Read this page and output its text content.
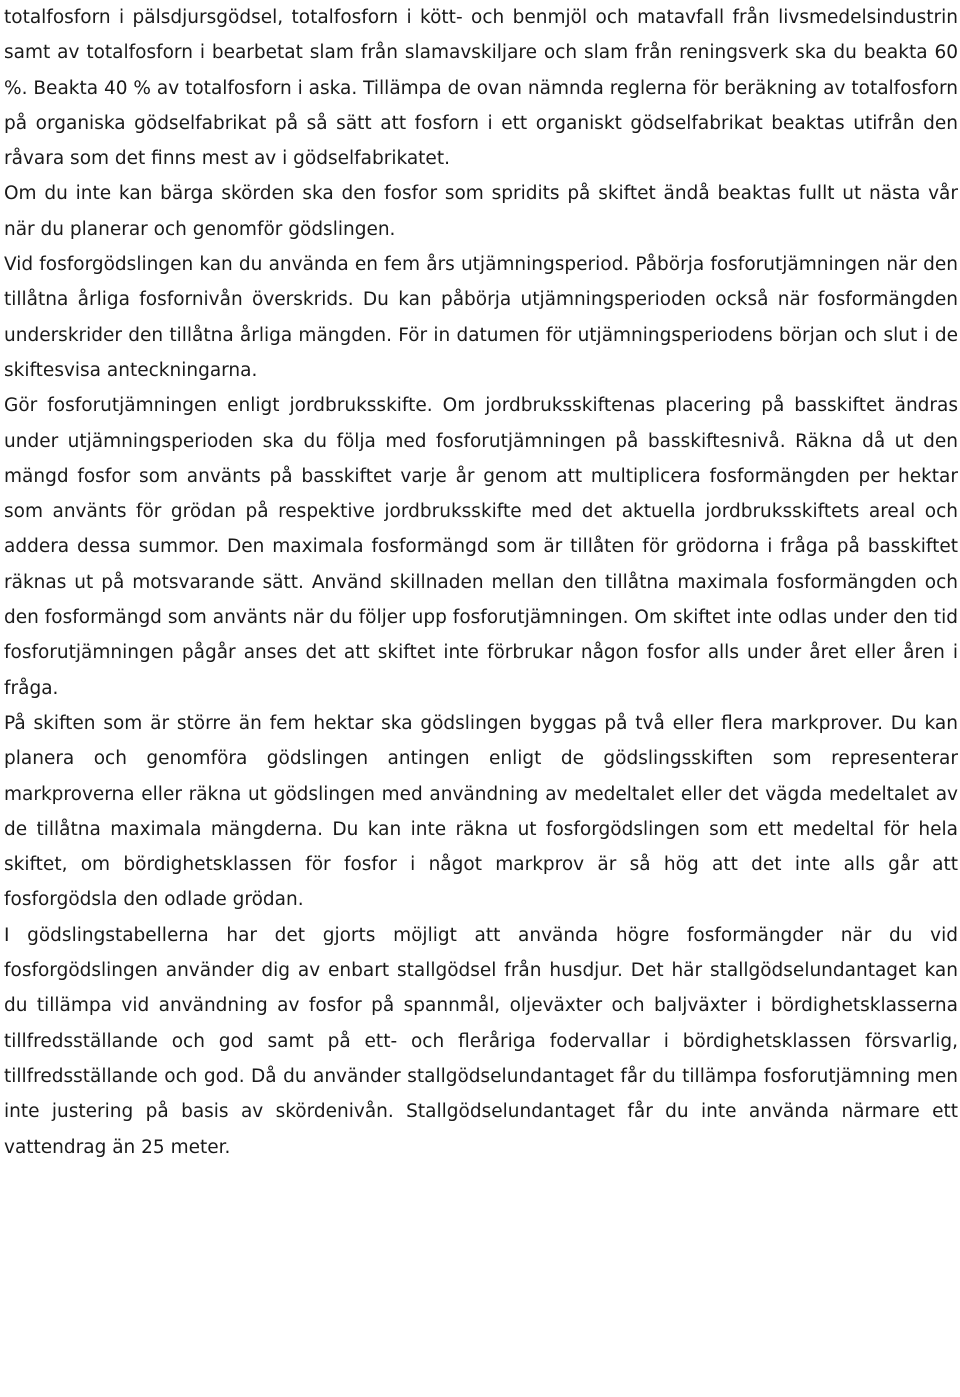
totalfosforn i pälsdjursgödsel, totalfosforn i kött- och benmjöl och matavfall från livsmedelsindustrin samt av totalfosforn i bearbetat slam från slamavskiljare och slam från reningsverk ska du beakta 60 %. Beakta 40 % av totalfosforn i aska. Tillämpa de ovan nämnda reglerna för beräkning av totalfosforn på organiska gödselfabrikat på så sätt att fosforn i ett organiskt gödselfabrikat beaktas utifrån den råvara som det finns mest av i gödselfabrikatet.

Om du inte kan bärga skörden ska den fosfor som spridits på skiftet ändå beaktas fullt ut nästa vår när du planerar och genomför gödslingen.

Vid fosforgödslingen kan du använda en fem års utjämningsperiod. Påbörja fosforutjämningen när den tillåtna årliga fosfornivån överskrids. Du kan påbörja utjämningsperioden också när fosformängden underskrider den tillåtna årliga mängden. För in datumen för utjämningsperiodens början och slut i de skiftesvisa anteckningarna.

Gör fosforutjämningen enligt jordbruksskifte. Om jordbruksskiftenas placering på basskiftet ändras under utjämningsperioden ska du följa med fosforutjämningen på basskiftesnivå. Räkna då ut den mängd fosfor som använts på basskiftet varje år genom att multiplicera fosformängden per hektar som använts för grödan på respektive jordbruksskifte med det aktuella jordbruksskiftets areal och addera dessa summor. Den maximala fosformängd som är tillåten för grödorna i fråga på basskiftet räknas ut på motsvarande sätt. Använd skillnaden mellan den tillåtna maximala fosformängden och den fosformängd som använts när du följer upp fosforutjämningen. Om skiftet inte odlas under den tid fosforutjämningen pågår anses det att skiftet inte förbrukar någon fosfor alls under året eller åren i fråga.

På skiften som är större än fem hektar ska gödslingen byggas på två eller flera markprover. Du kan planera och genomföra gödslingen antingen enligt de gödslingsskiften som representerar markproverna eller räkna ut gödslingen med användning av medeltalet eller det vägda medeltalet av de tillåtna maximala mängderna. Du kan inte räkna ut fosforgödslingen som ett medeltal för hela skiftet, om bördighetsklassen för fosfor i något markprov är så hög att det inte alls går att fosforgödsla den odlade grödan.

I gödslingstabellerna har det gjorts möjligt att använda högre fosformängder när du vid fosforgödslingen använder dig av enbart stallgödsel från husdjur. Det här stallgödselundantaget kan du tillämpa vid användning av fosfor på spannmål, oljeväxter och baljväxter i bördighetsklasserna tillfredsställande och god samt på ett- och fleråriga fodervallar i bördighetsklassen försvarlig, tillfredsställande och god. Då du använder stallgödselundantaget får du tillämpa fosforutjämning men inte justering på basis av skördenivån. Stallgödselundantaget får du inte använda närmare ett vattendrag än 25 meter.
